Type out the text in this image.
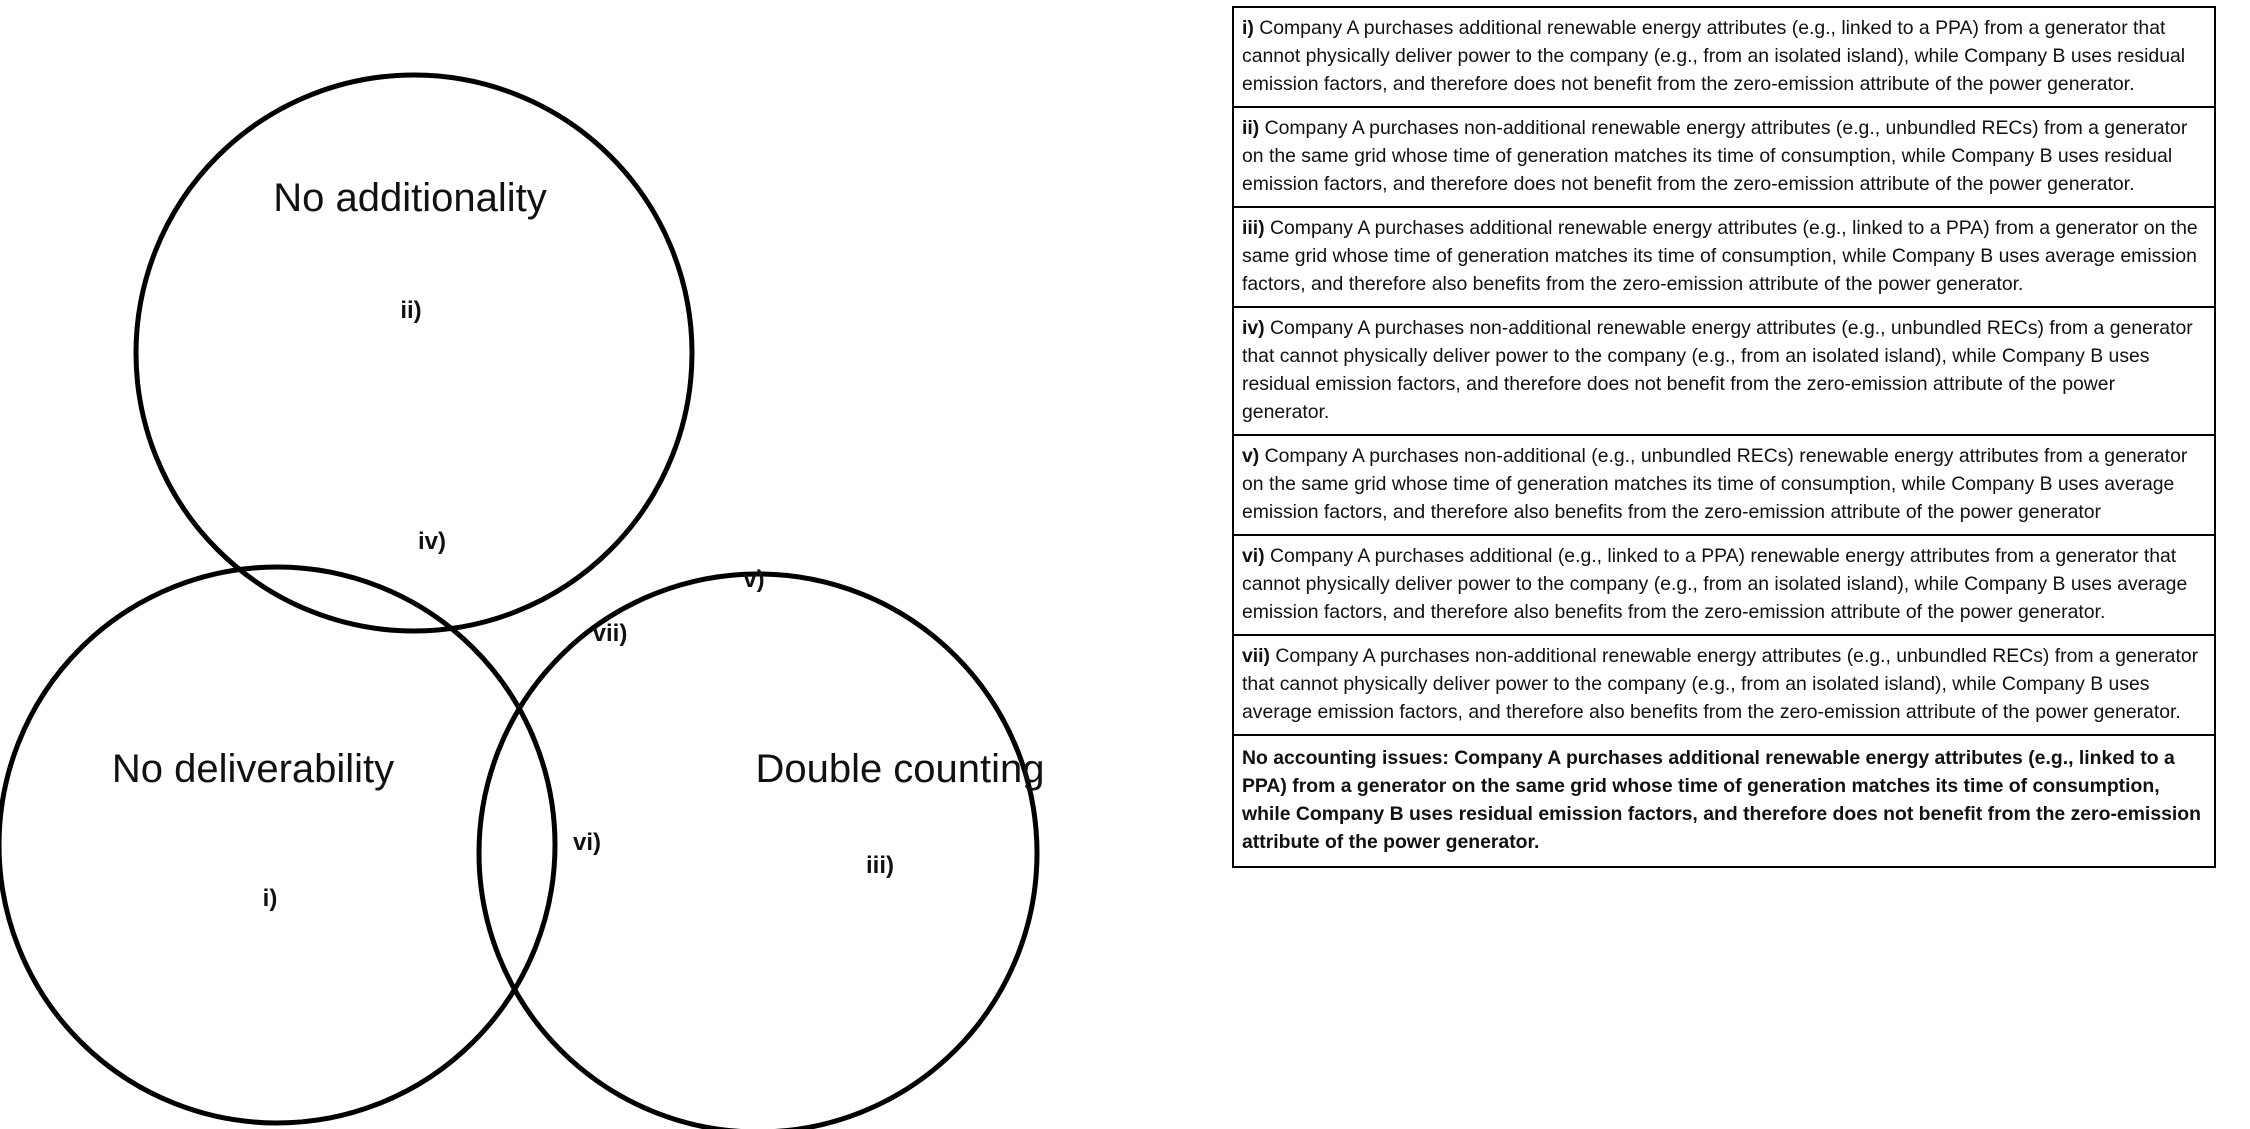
No additionality
No deliverability	Double counting
i)
ii)
iii)
iv)
v)
vi)
vii)
i) Company A purchases additional renewable energy attributes (e.g., linked to a PPA) from a generator that cannot physically deliver power to the company (e.g., from an isolated island), while Company B uses residual emission factors, and therefore does not benefit from the zero-emission attribute of the power generator.
ii) Company A purchases non-additional renewable energy attributes (e.g., unbundled RECs) from a generator on the same grid whose time of generation matches its time of consumption, while Company B uses residual emission factors, and therefore does not benefit from the zero-emission attribute of the power generator.
iii) Company A purchases additional renewable energy attributes (e.g., linked to a PPA) from a generator on the same grid whose time of generation matches its time of consumption, while Company B uses average emission factors, and therefore also benefits from the zero-emission attribute of the power generator.
iv) Company A purchases non-additional renewable energy attributes (e.g., unbundled RECs) from a generator that cannot physically deliver power to the company (e.g., from an isolated island), while Company B uses residual emission factors, and therefore does not benefit from the zero-emission attribute of the power generator.
v) Company A purchases non-additional (e.g., unbundled RECs) renewable energy attributes from a generator on the same grid whose time of generation matches its time of consumption, while Company B uses average emission factors, and therefore also benefits from the zero-emission attribute of the power generator
vi) Company A purchases additional (e.g., linked to a PPA) renewable energy attributes from a generator that cannot physically deliver power to the company (e.g., from an isolated island), while Company B uses average emission factors, and therefore also benefits from the zero-emission attribute of the power generator.
vii) Company A purchases non-additional renewable energy attributes (e.g., unbundled RECs) from a generator that cannot physically deliver power to the company (e.g., from an isolated island), while Company B uses average emission factors, and therefore also benefits from the zero-emission attribute of the power generator.
No accounting issues: Company A purchases additional renewable energy attributes (e.g., linked to a PPA) from a generator on the same grid whose time of generation matches its time of consumption, while Company B uses residual emission factors, and therefore does not benefit from the zero-emission attribute of the power generator.
